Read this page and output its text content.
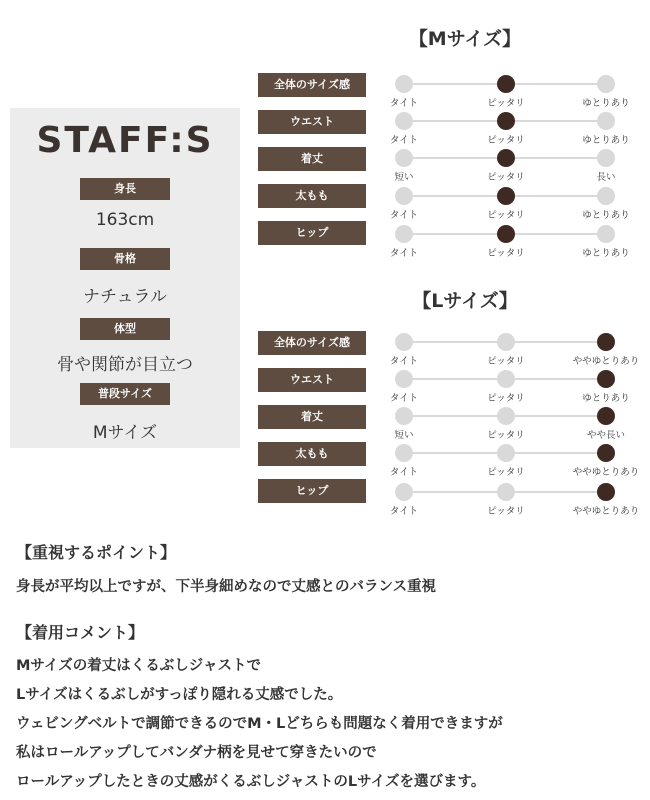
STAFF:S
身長
163cm
骨格
ナチュラル
体型
骨や関節が目立つ
普段サイズ
Mサイズ
【Mサイズ】
全体のサイズ感
タイト	ピッタリ	ゆとりあり
ウエスト
タイト	ピッタリ	ゆとりあり
着丈
短い	ピッタリ	長い
太もも
タイト	ピッタリ	ゆとりあり
ヒップ
タイト	ピッタリ	ゆとりあり
【Lサイズ】
全体のサイズ感
タイト	ピッタリ	ややゆとりあり
ウエスト
タイト	ピッタリ	ゆとりあり
着丈
短い	ピッタリ	やや長い
太もも
タイト	ピッタリ	ややゆとりあり
ヒップ
タイト	ピッタリ	ややゆとりあり
【重視するポイント】
身長が平均以上ですが、下半身細めなので丈感とのバランス重視
【着用コメント】
Mサイズの着丈はくるぶしジャストで
Lサイズはくるぶしがすっぽり隠れる丈感でした。
ウェビングベルトで調節できるのでM・Lどちらも問題なく着用できますが
私はロールアップしてバンダナ柄を見せて穿きたいので
ロールアップしたときの丈感がくるぶしジャストのLサイズを選びます。
